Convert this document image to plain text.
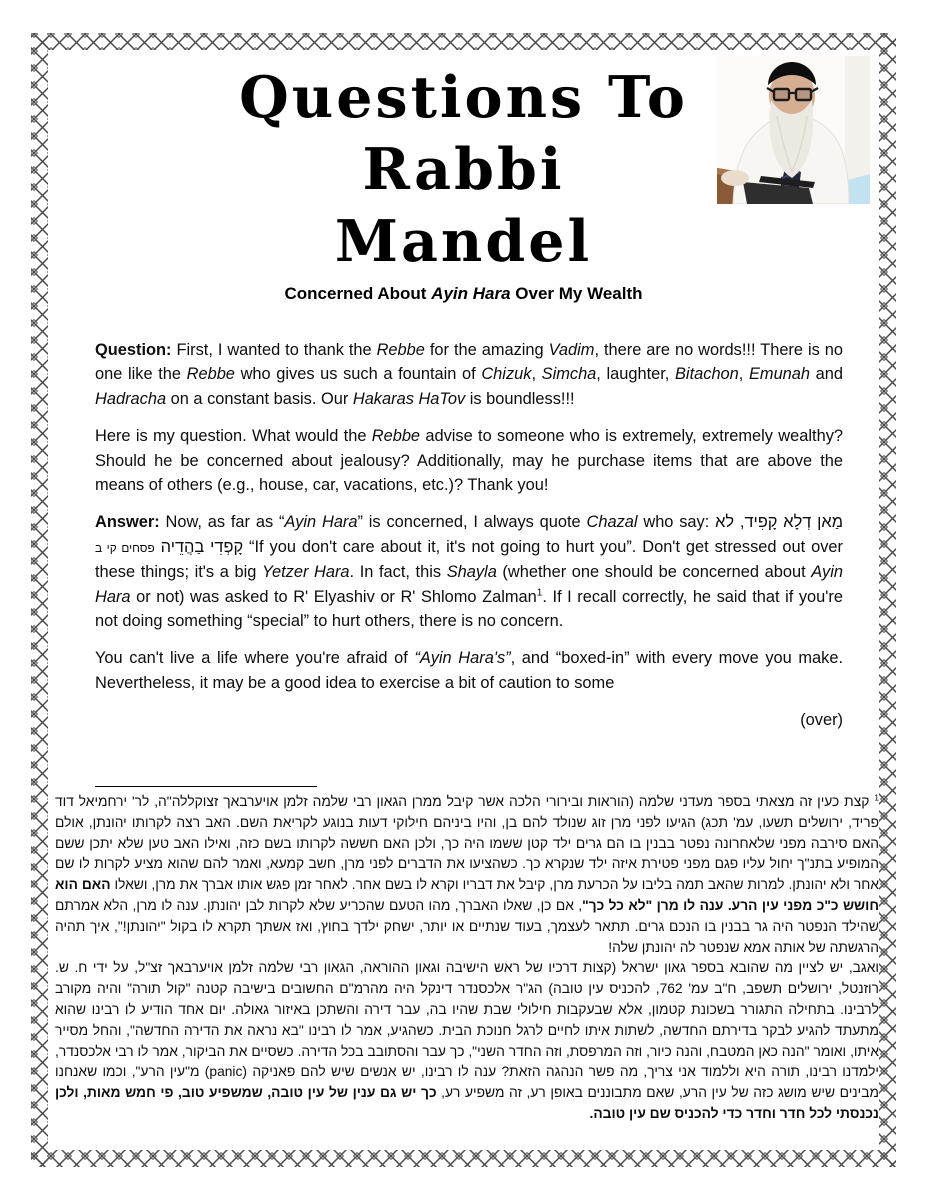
Questions To
Rabbi
Mandel
Concerned About Ayin Hara Over My Wealth

Question: First, I wanted to thank the Rebbe for the amazing Vadim, there are no words!!! There is no one like the Rebbe who gives us such a fountain of Chizuk, Simcha, laughter, Bitachon, Emunah and Hadracha on a constant basis. Our Hakaras HaTov is boundless!!!

Here is my question. What would the Rebbe advise to someone who is extremely, extremely wealthy? Should he be concerned about jealousy? Additionally, may he purchase items that are above the means of others (e.g., house, car, vacations, etc.)? Thank you!

Answer: Now, as far as “Ayin Hara” is concerned, I always quote Chazal who say: מַאן דְלָא קָפִיד, לא קָפְדִי בַהֲדֵיה פסחים קי ב	“If you don't care about it, it's not going to hurt you”. Don't get stressed out over these things; it's a big Yetzer Hara. In fact, this Shayla (whether one should be concerned about Ayin Hara or not) was asked to R' Elyashiv or R' Shlomo Zalman$^1$. If I recall correctly, he said that if you're not doing something “special” to hurt others, there is no concern.

You can't live a life where you're afraid of “Ayin Hara's”, and “boxed-in” with every move you make. Nevertheless, it may be a good idea to exercise a bit of caution to some

(over)

$^1$ קצת כעין זה מצאתי בספר מעדני שלמה (הוראות ובירורי הלכה אשר קיבל ממרן הגאון רבי שלמה זלמן אויערבאך זצוקללה"ה, לר' ירחמיאל דוד פריד, ירושלים תשעו, עמ' תכג) הגיעו לפני מרן זוג שנולד להם בן, והיו ביניהם חילוקי דעות בנוגע לקריאת השם. האב רצה לקרותו יהונתן, אולם האם סירבה מפני שלאחרונה נפטר בבנין בו הם גרים ילד קטן ששמו היה כך, ולכן האם חששה לקרותו בשם כזה, ואילו האב טען שלא יתכן ששם המופיע בתנ"ך יחול עליו פגם מפני פטירת איזה ילד שנקרא כך. כשהציעו את הדברים לפני מרן, חשב קמעא, ואמר להם שהוא מציע לקרות לו שם אחר ולא יהונתן. למרות שהאב תמה בליבו על הכרעת מרן, קיבל את דבריו וקרא לו בשם אחר. לאחר זמן פגש אותו אברך את מרן, ושאלו האם הוא חושש כ"כ מפני עין הרע. ענה לו מרן "לא כל כך", אם כן, שאלו האברך, מהו הטעם שהכריע שלא לקרות לבן יהונתן. ענה לו מרן, הלא אמרתם שהילד הנפטר היה גר בבנין בו הנכם גרים. תתאר לעצמך, בעוד שנתיים או יותר, ישחק ילדך בחוץ, ואז אשתך תקרא לו בקול "יהונתן!", איך תהיה הרגשתה של אותה אמא שנפטר לה יהונתן שלה!

ואגב, יש לציין מה שהובא בספר גאון ישראל (קצות דרכיו של ראש הישיבה וגאון ההוראה, הגאון רבי שלמה זלמן אויערבאך זצ"ל, על ידי ח. ש. רוזנטל, ירושלים תשפב, ח"ב עמ' 762, להכניס עין טובה) הג"ר אלכסנדר דינקל היה מהרמ"ם החשובים בישיבה קטנה "קול תורה" והיה מקורב לרבינו. בתחילה התגורר בשכונת קטמון, אלא שבעקבות חילולי שבת שהיו בה, עבר דירה והשתכן באיזור גאולה. יום אחד הודיע לו רבינו שהוא מתעתד להגיע לבקר בדירתם החדשה, לשתות איתו לחיים לרגל חנוכת הבית. כשהגיע, אמר לו רבינו "בא נראה את הדירה החדשה", והחל מסייר איתו, ואומר "הנה כאן המטבח, והנה כיור, וזה המרפסת, וזה החדר השני", כך עבר והסתובב בכל הדירה. כשסיים את הביקור, אמר לו רבי אלכסנדר, ילמדנו רבינו, תורה היא וללמוד אני צריך, מה פשר הנהגה הזאת? ענה לו רבינו, יש אנשים שיש להם פאניקה (panic) מ"עין הרע", וכמו שאנחנו מבינים שיש מושג כזה של עין הרע, שאם מתבוננים באופן רע, זה משפיע רע, כך יש גם ענין של עין טובה, שמשפיע טוב, פי חמש מאות, ולכן נכנסתי לכל חדר וחדר כדי להכניס שם עין טובה.
